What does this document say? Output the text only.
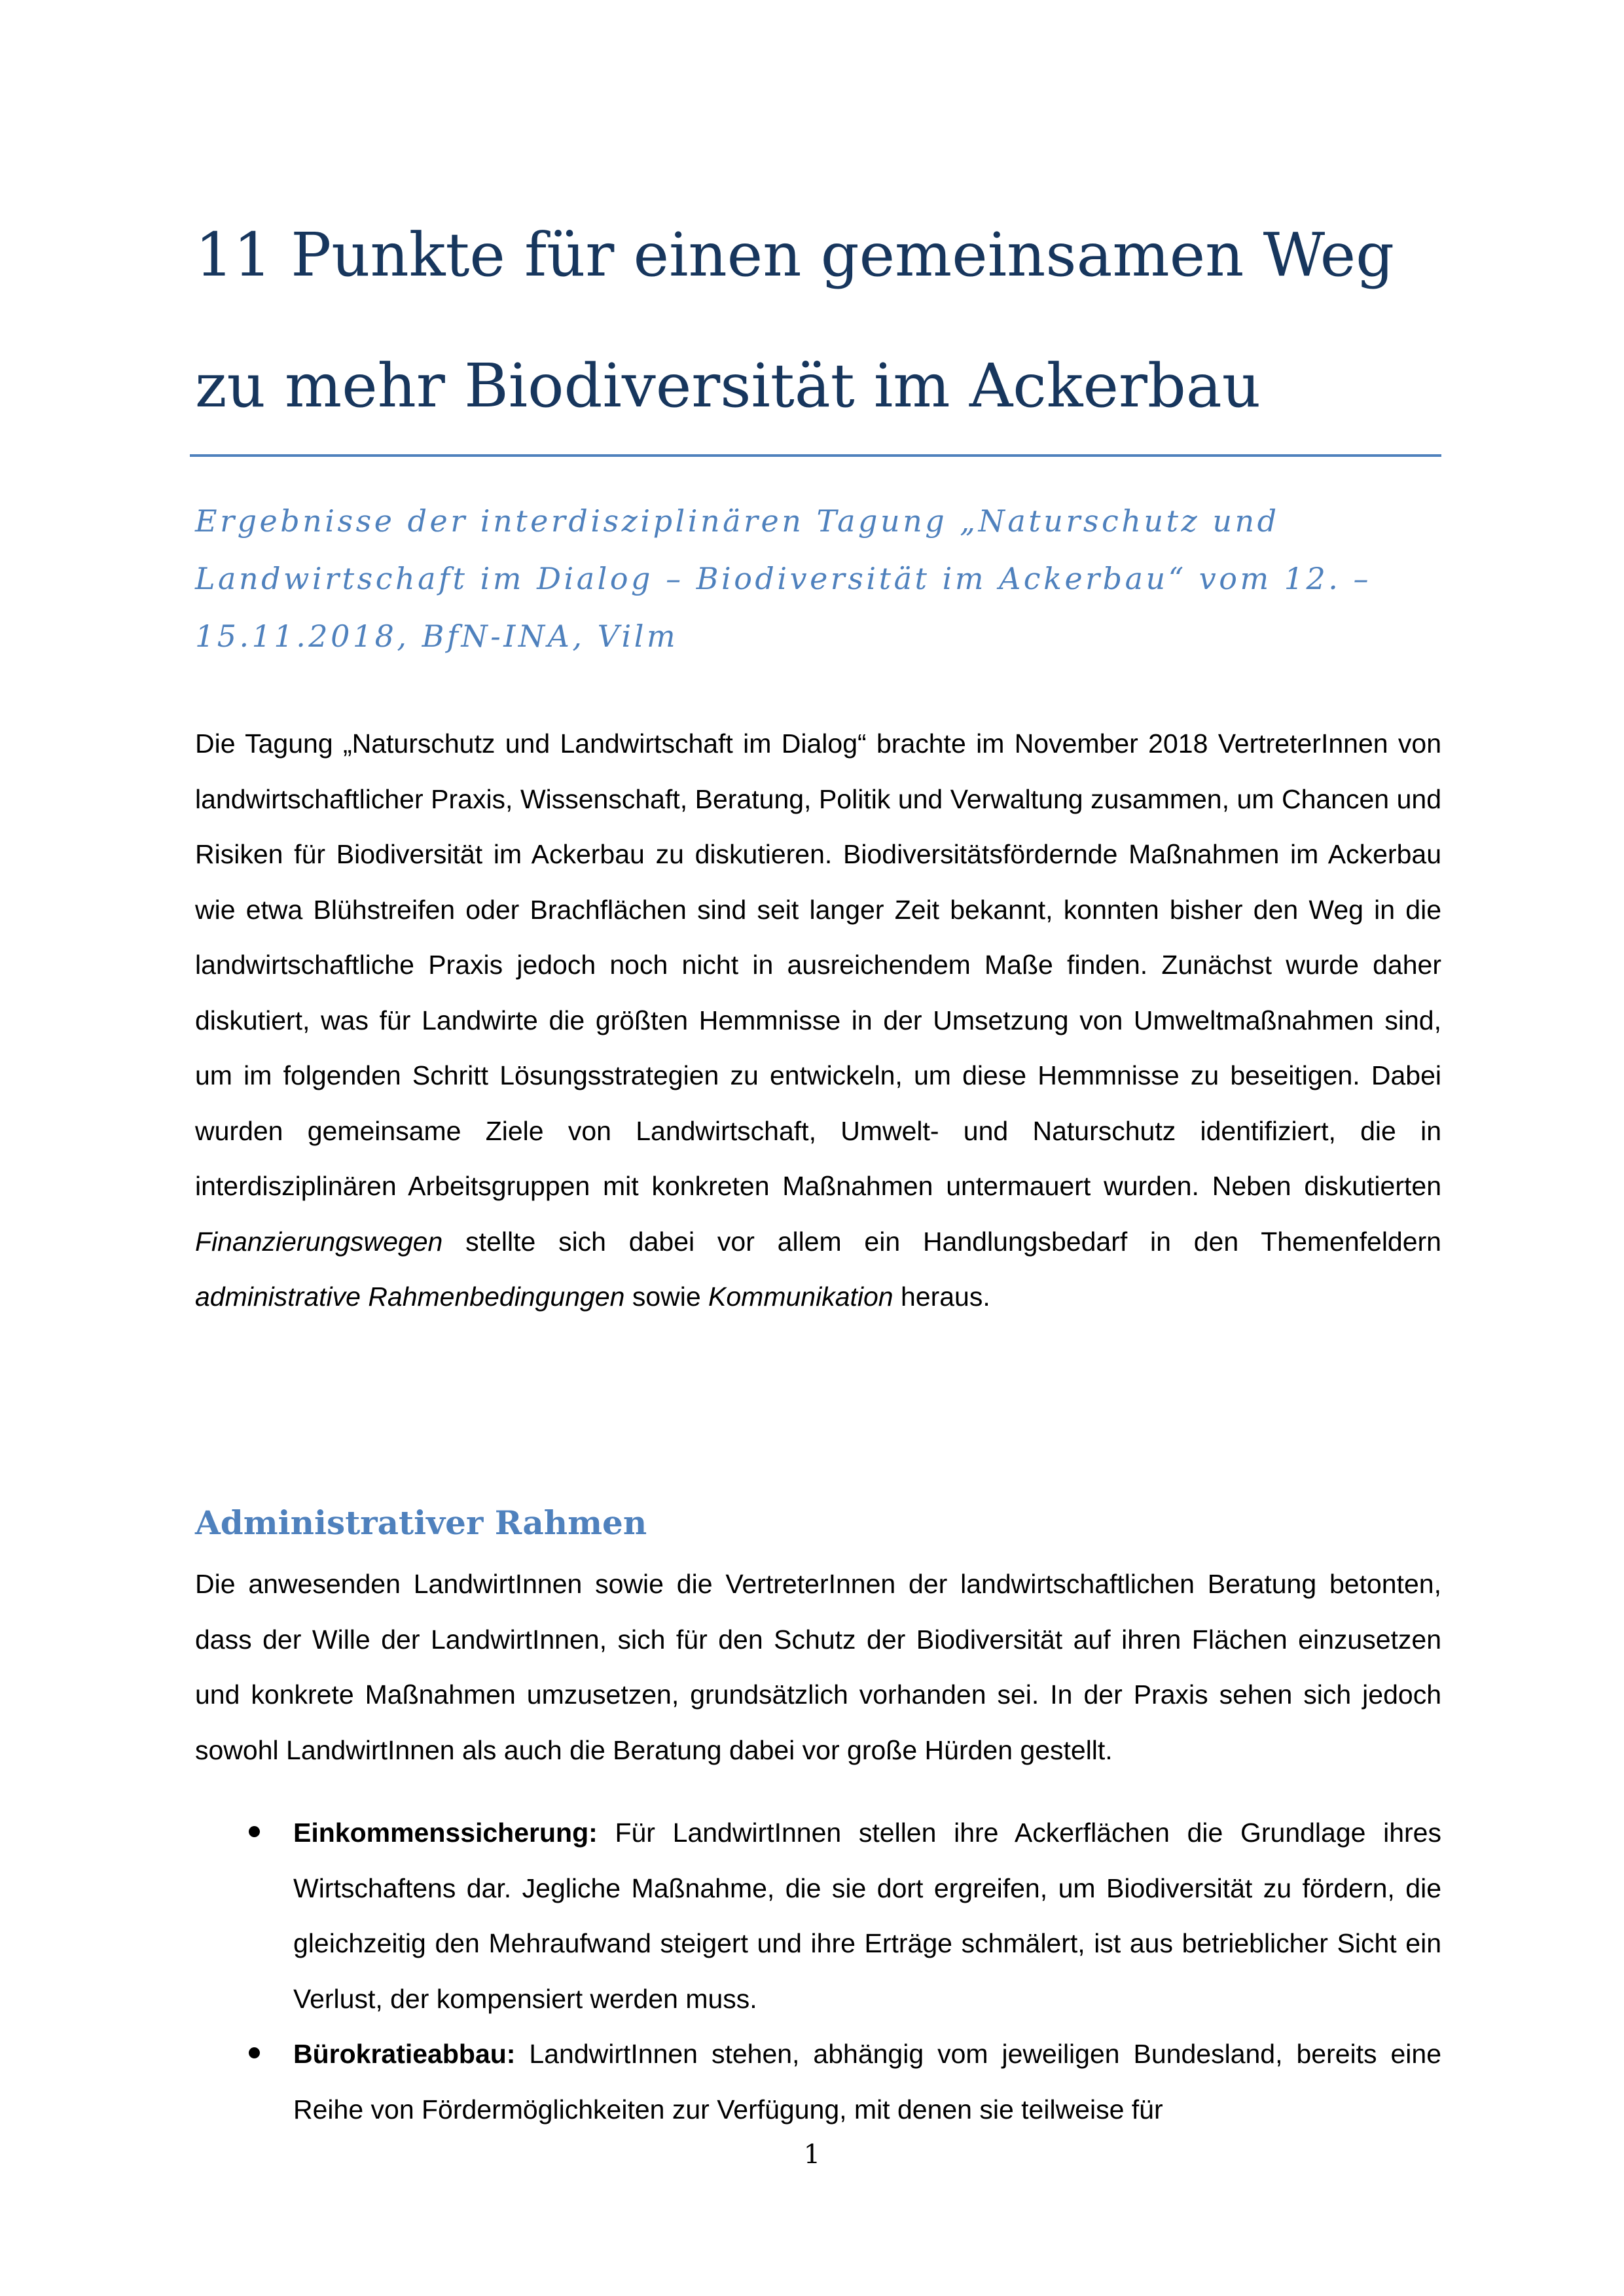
11 Punkte für einen gemeinsamen Weg
zu mehr Biodiversität im Ackerbau

Ergebnisse der interdisziplinären Tagung „Naturschutz und Landwirtschaft im Dialog – Biodiversität im Ackerbau“ vom 12. – 15.11.2018, BfN-INA, Vilm

Die Tagung „Naturschutz und Landwirtschaft im Dialog“ brachte im November 2018 VertreterInnen von landwirtschaftlicher Praxis, Wissenschaft, Beratung, Politik und Verwaltung zusammen, um Chancen und Risiken für Biodiversität im Ackerbau zu diskutieren. Biodiversitätsfördernde Maßnahmen im Ackerbau wie etwa Blühstreifen oder Brachflächen sind seit langer Zeit bekannt, konnten bisher den Weg in die landwirtschaftliche Praxis jedoch noch nicht in ausreichendem Maße finden. Zunächst wurde daher diskutiert, was für Landwirte die größten Hemmnisse in der Umsetzung von Umweltmaßnahmen sind, um im folgenden Schritt Lösungsstrategien zu entwickeln, um diese Hemmnisse zu beseitigen. Dabei wurden gemeinsame Ziele von Landwirtschaft, Umwelt- und Naturschutz identifiziert, die in interdisziplinären Arbeitsgruppen mit konkreten Maßnahmen untermauert wurden. Neben diskutierten Finanzierungswegen stellte sich dabei vor allem ein Handlungsbedarf in den Themenfeldern administrative Rahmenbedingungen sowie Kommunikation heraus.

Administrativer Rahmen

Die anwesenden LandwirtInnen sowie die VertreterInnen der landwirtschaftlichen Beratung betonten, dass der Wille der LandwirtInnen, sich für den Schutz der Biodiversität auf ihren Flächen einzusetzen und konkrete Maßnahmen umzusetzen, grundsätzlich vorhanden sei. In der Praxis sehen sich jedoch sowohl LandwirtInnen als auch die Beratung dabei vor große Hürden gestellt.

Einkommenssicherung: Für LandwirtInnen stellen ihre Ackerflächen die Grundlage ihres Wirtschaftens dar. Jegliche Maßnahme, die sie dort ergreifen, um Biodiversität zu fördern, die gleichzeitig den Mehraufwand steigert und ihre Erträge schmälert, ist aus betrieblicher Sicht ein Verlust, der kompensiert werden muss.
Bürokratieabbau: LandwirtInnen stehen, abhängig vom jeweiligen Bundesland, bereits eine Reihe von Fördermöglichkeiten zur Verfügung, mit denen sie teilweise für
1
